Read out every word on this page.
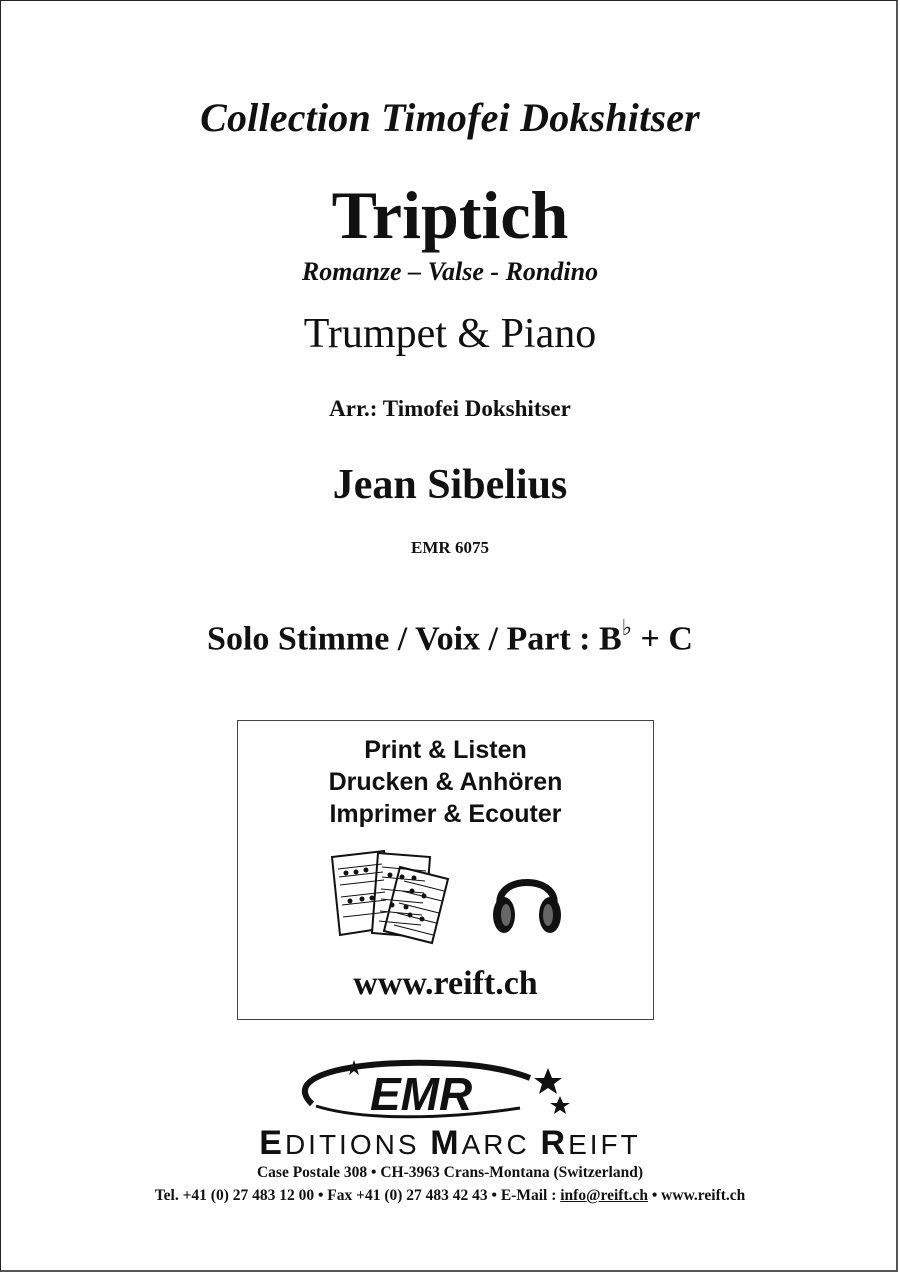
Collection Timofei Dokshitser
Triptich
Romanze – Valse - Rondino
Trumpet & Piano
Arr.: Timofei Dokshitser
Jean Sibelius
EMR 6075
Solo Stimme / Voix / Part : B♭ + C
Print & Listen
Drucken & Anhören
Imprimer & Ecouter
www.reift.ch
EMR
EDITIONS MARC REIFT
Case Postale 308 • CH-3963 Crans-Montana (Switzerland)
Tel. +41 (0) 27 483 12 00 • Fax +41 (0) 27 483 42 43 • E-Mail : info@reift.ch • www.reift.ch
